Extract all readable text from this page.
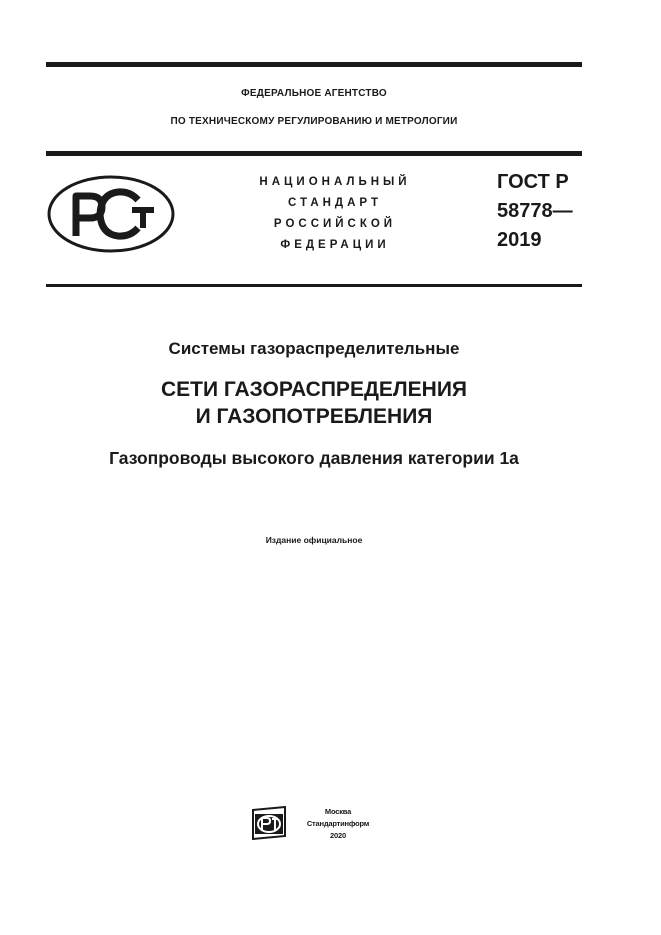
ФЕДЕРАЛЬНОЕ АГЕНТСТВО
ПО ТЕХНИЧЕСКОМУ РЕГУЛИРОВАНИЮ И МЕТРОЛОГИИ
НАЦИОНАЛЬНЫЙ
СТАНДАРТ
РОССИЙСКОЙ
ФЕДЕРАЦИИ
ГОСТ Р
58778—
2019
Системы газораспределительные
СЕТИ ГАЗОРАСПРЕДЕЛЕНИЯ
И ГАЗОПОТРЕБЛЕНИЯ
Газопроводы высокого давления категории 1а
Издание официальное
Москва
Стандартинформ
2020
